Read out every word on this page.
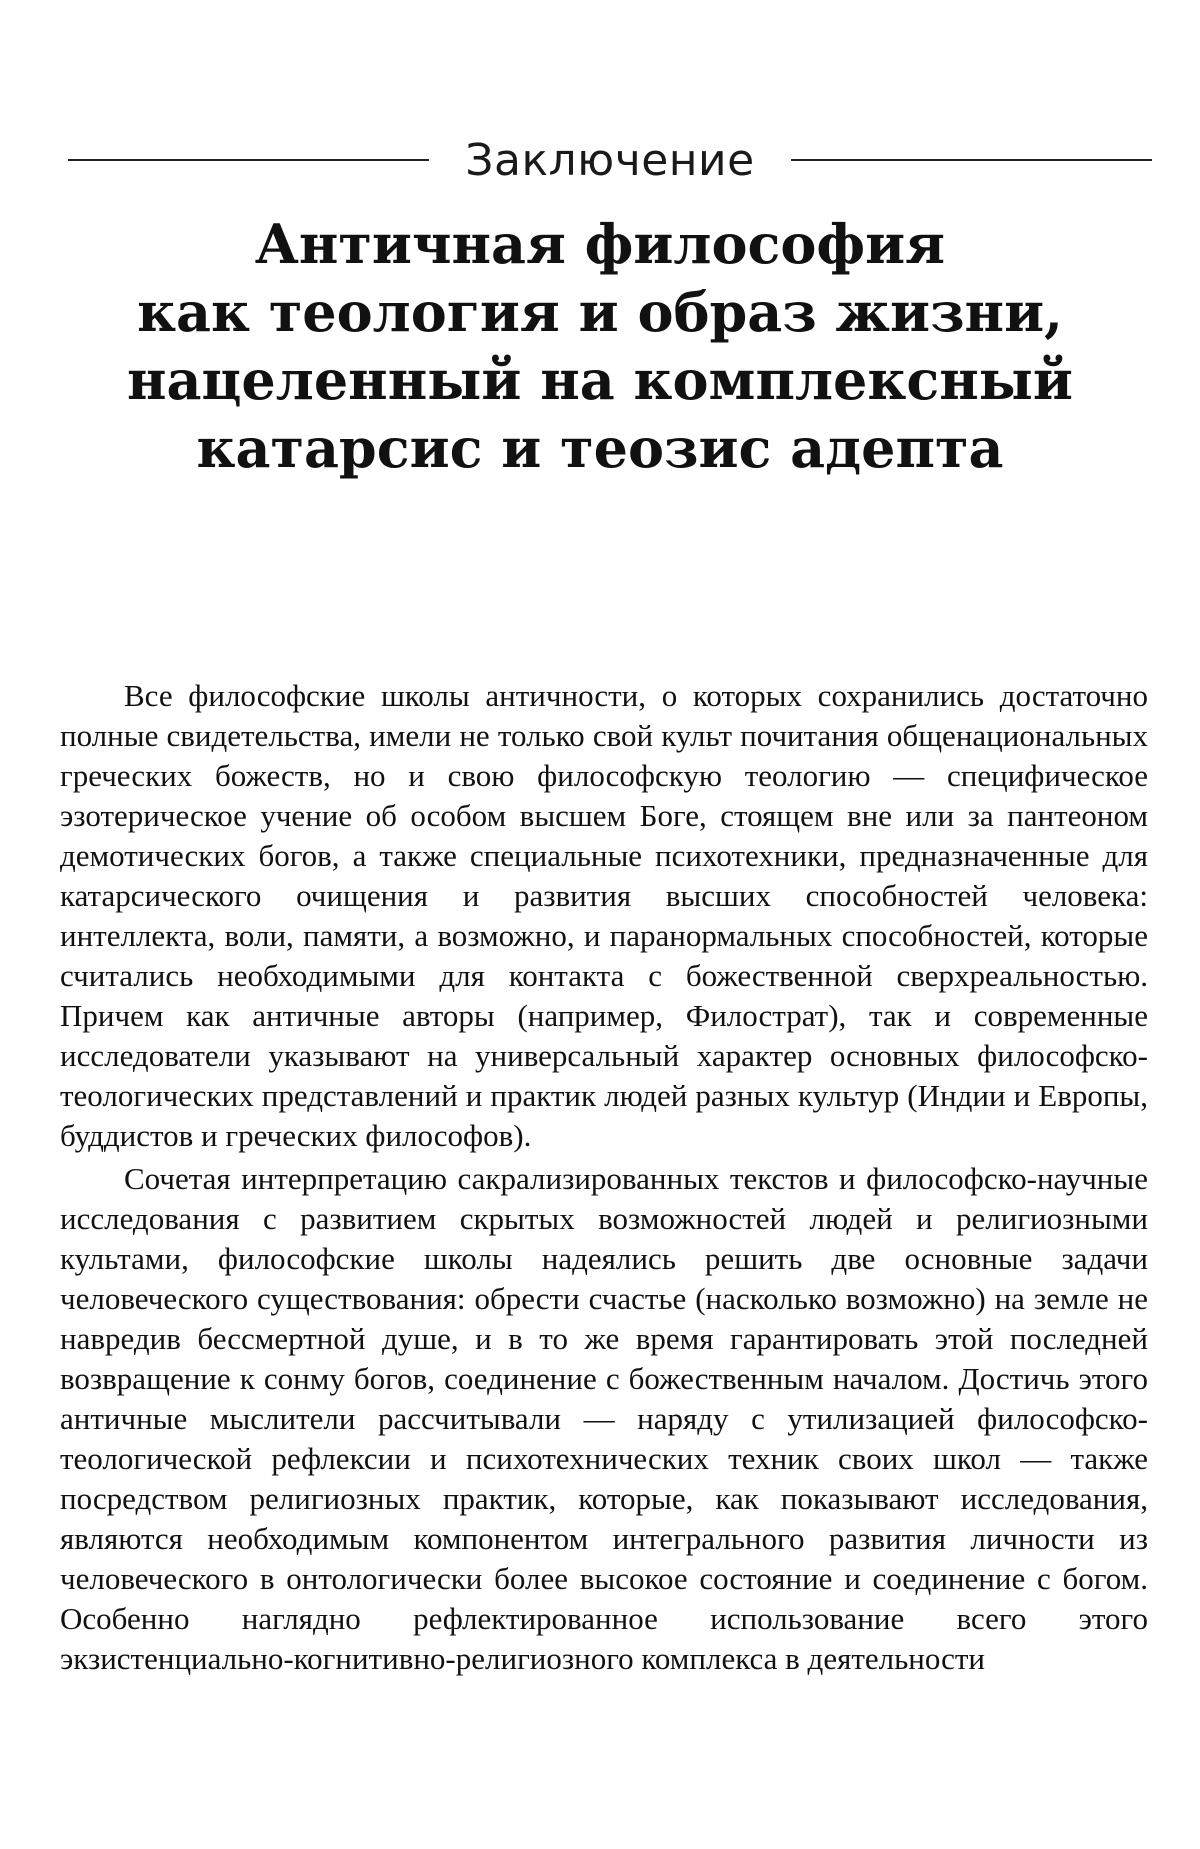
Заключение
Античная философия
как теология и образ жизни,
нацеленный на комплексный
катарсис и теозис адепта

Все философские школы античности, о которых сохранились достаточно полные свидетельства, имели не только свой культ почитания общенациональных греческих божеств, но и свою философскую теологию — специфическое эзотерическое учение об особом высшем Боге, стоящем вне или за пантеоном демотических богов, а также специальные психотехники, предназначенные для катарсического очищения и развития высших способностей человека: интеллекта, воли, памяти, а возможно, и паранормальных способностей, которые считались необходимыми для контакта с божественной сверхреальностью. Причем как античные авторы (например, Филострат), так и современные исследователи указывают на универсальный характер основных философско-теологических представлений и практик людей разных культур (Индии и Европы, буддистов и греческих философов).

Сочетая интерпретацию сакрализированных текстов и философско-научные исследования с развитием скрытых возможностей людей и религиозными культами, философские школы надеялись решить две основные задачи человеческого существования: обрести счастье (насколько возможно) на земле не навредив бессмертной душе, и в то же время гарантировать этой последней возвращение к сонму богов, соединение с божественным началом. Достичь этого античные мыслители рассчитывали — наряду с утилизацией философско-теологической рефлексии и психотехнических техник своих школ — также посредством религиозных практик, которые, как показывают исследования, являются необходимым компонентом интегрального развития личности из человеческого в онтологически более высокое состояние и соединение с богом. Особенно наглядно рефлектированное использование всего этого экзистенциально-когнитивно-религиозного комплекса в деятельности
